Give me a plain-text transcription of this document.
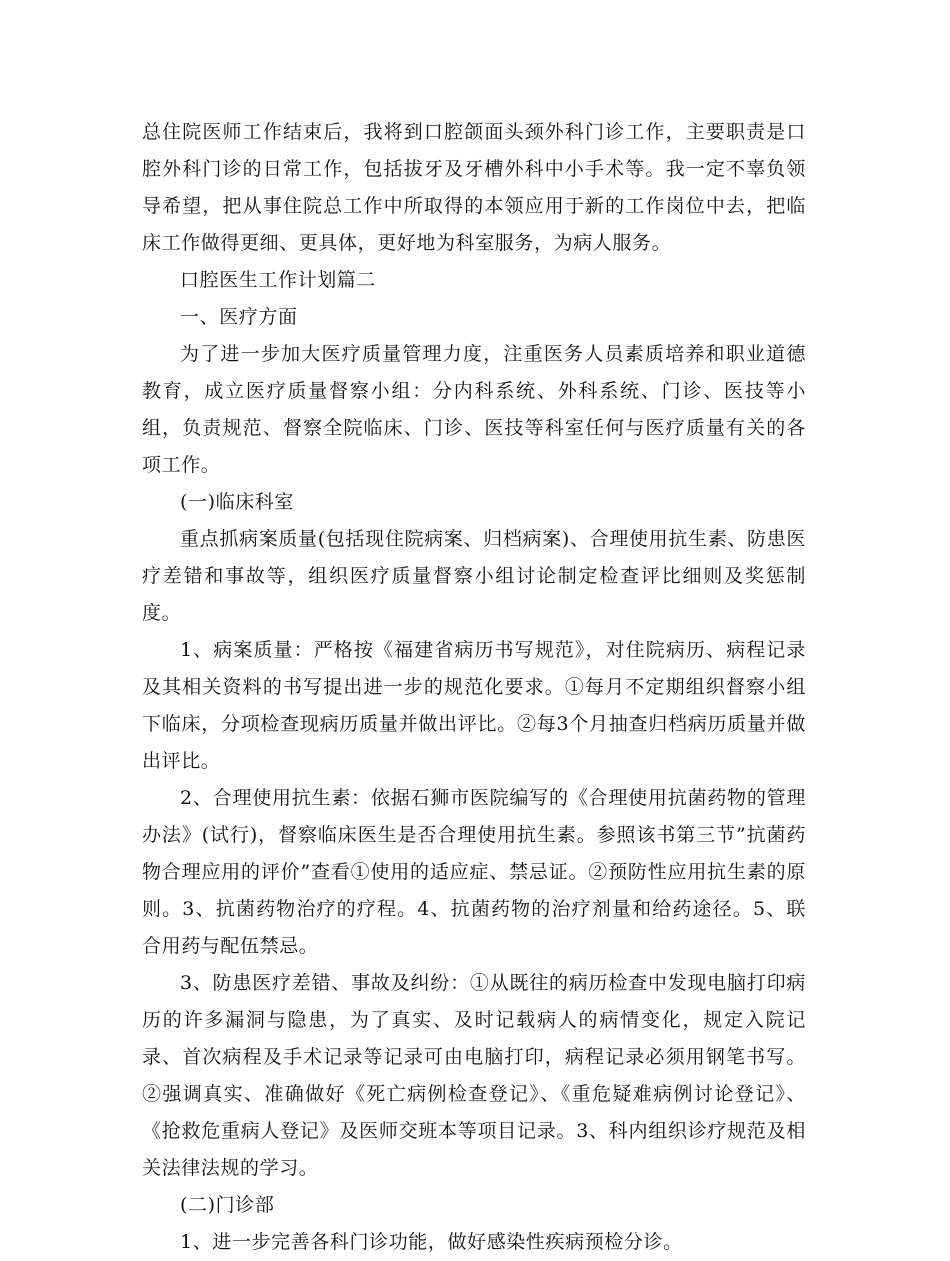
总住院医师工作结束后，我将到口腔颌面头颈外科门诊工作，主要职责是口腔外科门诊的日常工作，包括拔牙及牙槽外科中小手术等。我一定不辜负领导希望，把从事住院总工作中所取得的本领应用于新的工作岗位中去，把临床工作做得更细、更具体，更好地为科室服务，为病人服务。

口腔医生工作计划篇二

一、医疗方面

为了进一步加大医疗质量管理力度，注重医务人员素质培养和职业道德教育，成立医疗质量督察小组：分内科系统、外科系统、门诊、医技等小组，负责规范、督察全院临床、门诊、医技等科室任何与医疗质量有关的各项工作。

(一)临床科室

重点抓病案质量(包括现住院病案、归档病案)、合理使用抗生素、防患医疗差错和事故等，组织医疗质量督察小组讨论制定检查评比细则及奖惩制度。

1、病案质量：严格按《福建省病历书写规范》，对住院病历、病程记录及其相关资料的书写提出进一步的规范化要求。①每月不定期组织督察小组下临床，分项检查现病历质量并做出评比。②每3个月抽查归档病历质量并做出评比。

2、合理使用抗生素：依据石狮市医院编写的《合理使用抗菌药物的管理办法》(试行)，督察临床医生是否合理使用抗生素。参照该书第三节”抗菌药物合理应用的评价”查看①使用的适应症、禁忌证。②预防性应用抗生素的原则。3、抗菌药物治疗的疗程。4、抗菌药物的治疗剂量和给药途径。5、联合用药与配伍禁忌。

3、防患医疗差错、事故及纠纷：①从既往的病历检查中发现电脑打印病历的许多漏洞与隐患，为了真实、及时记载病人的病情变化，规定入院记录、首次病程及手术记录等记录可由电脑打印，病程记录必须用钢笔书写。②强调真实、准确做好《死亡病例检查登记》、《重危疑难病例讨论登记》、《抢救危重病人登记》及医师交班本等项目记录。3、科内组织诊疗规范及相关法律法规的学习。

(二)门诊部

1、进一步完善各科门诊功能，做好感染性疾病预检分诊。
